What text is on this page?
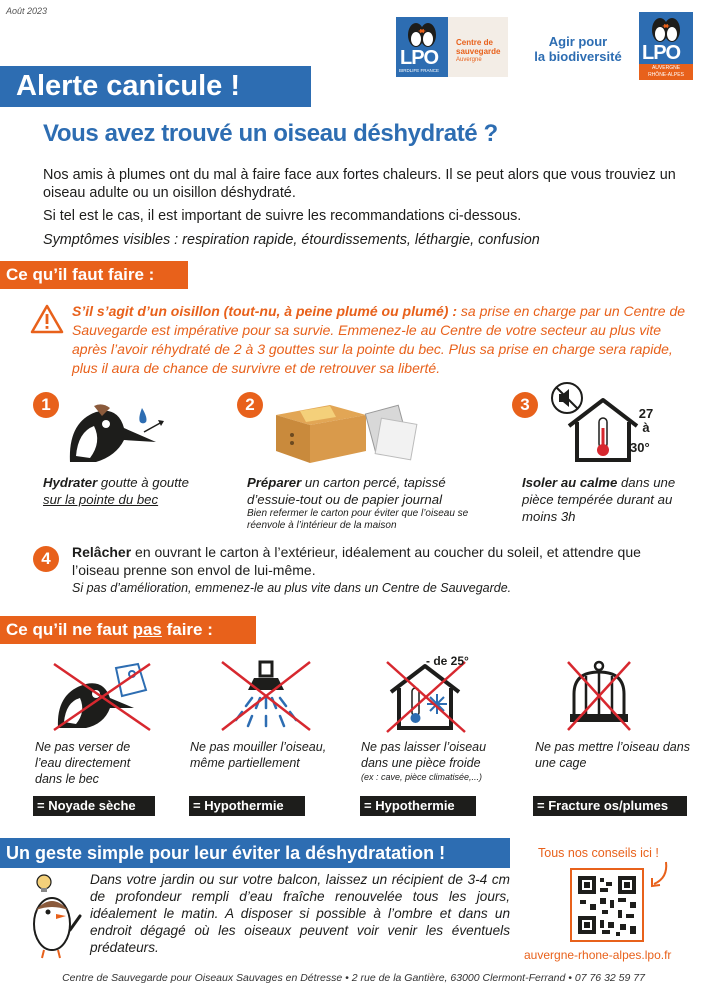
Août 2023
LPO
BIRDLIFE FRANCE
Centre de sauvegarde
Auvergne
Agir pour
la biodiversité	LPO
AUVERGNE
RHÔNE-ALPES
Alerte canicule !
Vous avez trouvé un oiseau déshydraté ?
Nos amis à plumes ont du mal à faire face aux fortes chaleurs. Il se peut alors que vous trouviez un oiseau adulte ou un oisillon déshydraté.
Si tel est le cas, il est important de suivre les recommandations ci-dessous.
Symptômes visibles : respiration rapide, étourdissements, léthargie, confusion
Ce qu’il faut faire :
S’il s’agit d’un oisillon (tout-nu, à peine plumé ou plumé) : sa prise en charge par un Centre de Sauvegarde est impérative pour sa survie. Emmenez-le au Centre de votre secteur au plus vite après l’avoir réhydraté de 2 à 3 gouttes sur la pointe du bec. Plus sa prise en charge sera rapide, plus il aura de chance de survivre et de retrouver sa liberté.
1
Hydrater goutte à goutte
sur la pointe du bec
2
Préparer un carton percé, tapissé d’essuie-tout ou de papier journal
Bien refermer le carton pour éviter que l’oiseau se réenvole à l’intérieur de la maison
3	27
à
30°
Isoler au calme dans une pièce tempérée durant au moins 3h
4	Relâcher en ouvrant le carton à l’extérieur, idéalement au coucher du soleil, et attendre que l’oiseau prenne son envol de lui-même.
Si pas d’amélioration, emmenez-le au plus vite dans un Centre de Sauvegarde.
Ce qu’il ne faut pas faire :
Ne pas verser de l’eau directement dans le bec
= Noyade sèche
Ne pas mouiller l’oiseau, même partiellement
= Hypothermie
- de 25°
Ne pas laisser l’oiseau dans une pièce froide
(ex : cave, pièce climatisée,...)
= Hypothermie
Ne pas mettre l’oiseau dans une cage
= Fracture os/plumes
Un geste simple pour leur éviter la déshydratation !
Dans votre jardin ou sur votre balcon, laissez un récipient de 3-4 cm de profondeur rempli d’eau fraîche renouvelée tous les jours, idéalement le matin. A disposer si possible à l’ombre et dans un endroit dégagé où les oiseaux peuvent voir venir les éventuels prédateurs.
Tous nos conseils ici !
auvergne-rhone-alpes.lpo.fr
Centre de Sauvegarde pour Oiseaux Sauvages en Détresse • 2 rue de la Gantière, 63000 Clermont-Ferrand • 07 76 32 59 77
